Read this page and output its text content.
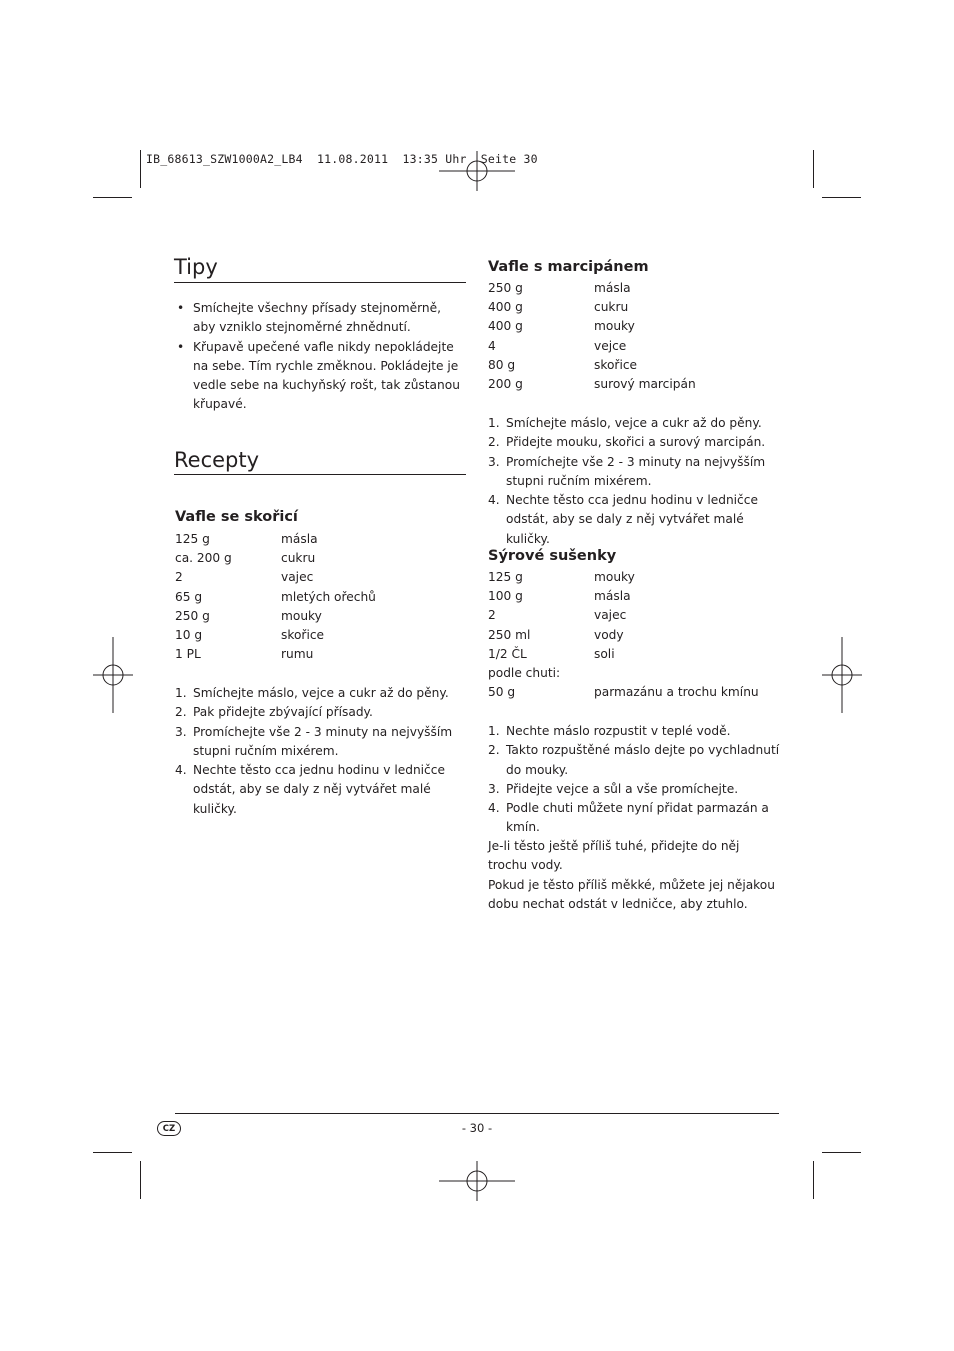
IB_68613_SZW1000A2_LB4  11.08.2011  13:35 Uhr  Seite 30
Tipy
• Smíchejte všechny přísady stejnoměrně, aby vzniklo stejnoměrné zhnědnutí.
• Křupavě upečené vafle nikdy nepokládejte na sebe. Tím rychle změknou. Pokládejte je vedle sebe na kuchyňský rošt, tak zůstanou křupavé.
Recepty
Vafle se skořicí
125 g	másla
ca. 200 g	cukru
2	vajec
65 g	mletých ořechů
250 g	mouky
10 g	skořice
1 PL	rumu
1. Smíchejte máslo, vejce a cukr až do pěny.
2. Pak přidejte zbývající přísady.
3. Promíchejte vše 2 - 3 minuty na nejvyšším stupni ručním mixérem.
4. Nechte těsto cca jednu hodinu v ledničce odstát, aby se daly z něj vytvářet malé kuličky.
Vafle s marcipánem
250 g	másla
400 g	cukru
400 g	mouky
4	vejce
80 g	skořice
200 g	surový marcipán
1. Smíchejte máslo, vejce a cukr až do pěny.
2. Přidejte mouku, skořici a surový marcipán.
3. Promíchejte vše 2 - 3 minuty na nejvyšším stupni ručním mixérem.
4. Nechte těsto cca jednu hodinu v ledničce odstát, aby se daly z něj vytvářet malé kuličky.
Sýrové sušenky
125 g	mouky
100 g	másla
2	vajec
250 ml	vody
1/2 ČL	soli
podle chuti:
50 g	parmazánu a trochu kmínu
1. Nechte máslo rozpustit v teplé vodě.
2. Takto rozpuštěné máslo dejte po vychladnutí do mouky.
3. Přidejte vejce a sůl a vše promíchejte.
4. Podle chuti můžete nyní přidat parmazán a kmín.
Je-li těsto ještě příliš tuhé, přidejte do něj trochu vody.
Pokud je těsto příliš měkké, můžete jej nějakou dobu nechat odstát v ledničce, aby ztuhlo.
CZ	- 30 -
